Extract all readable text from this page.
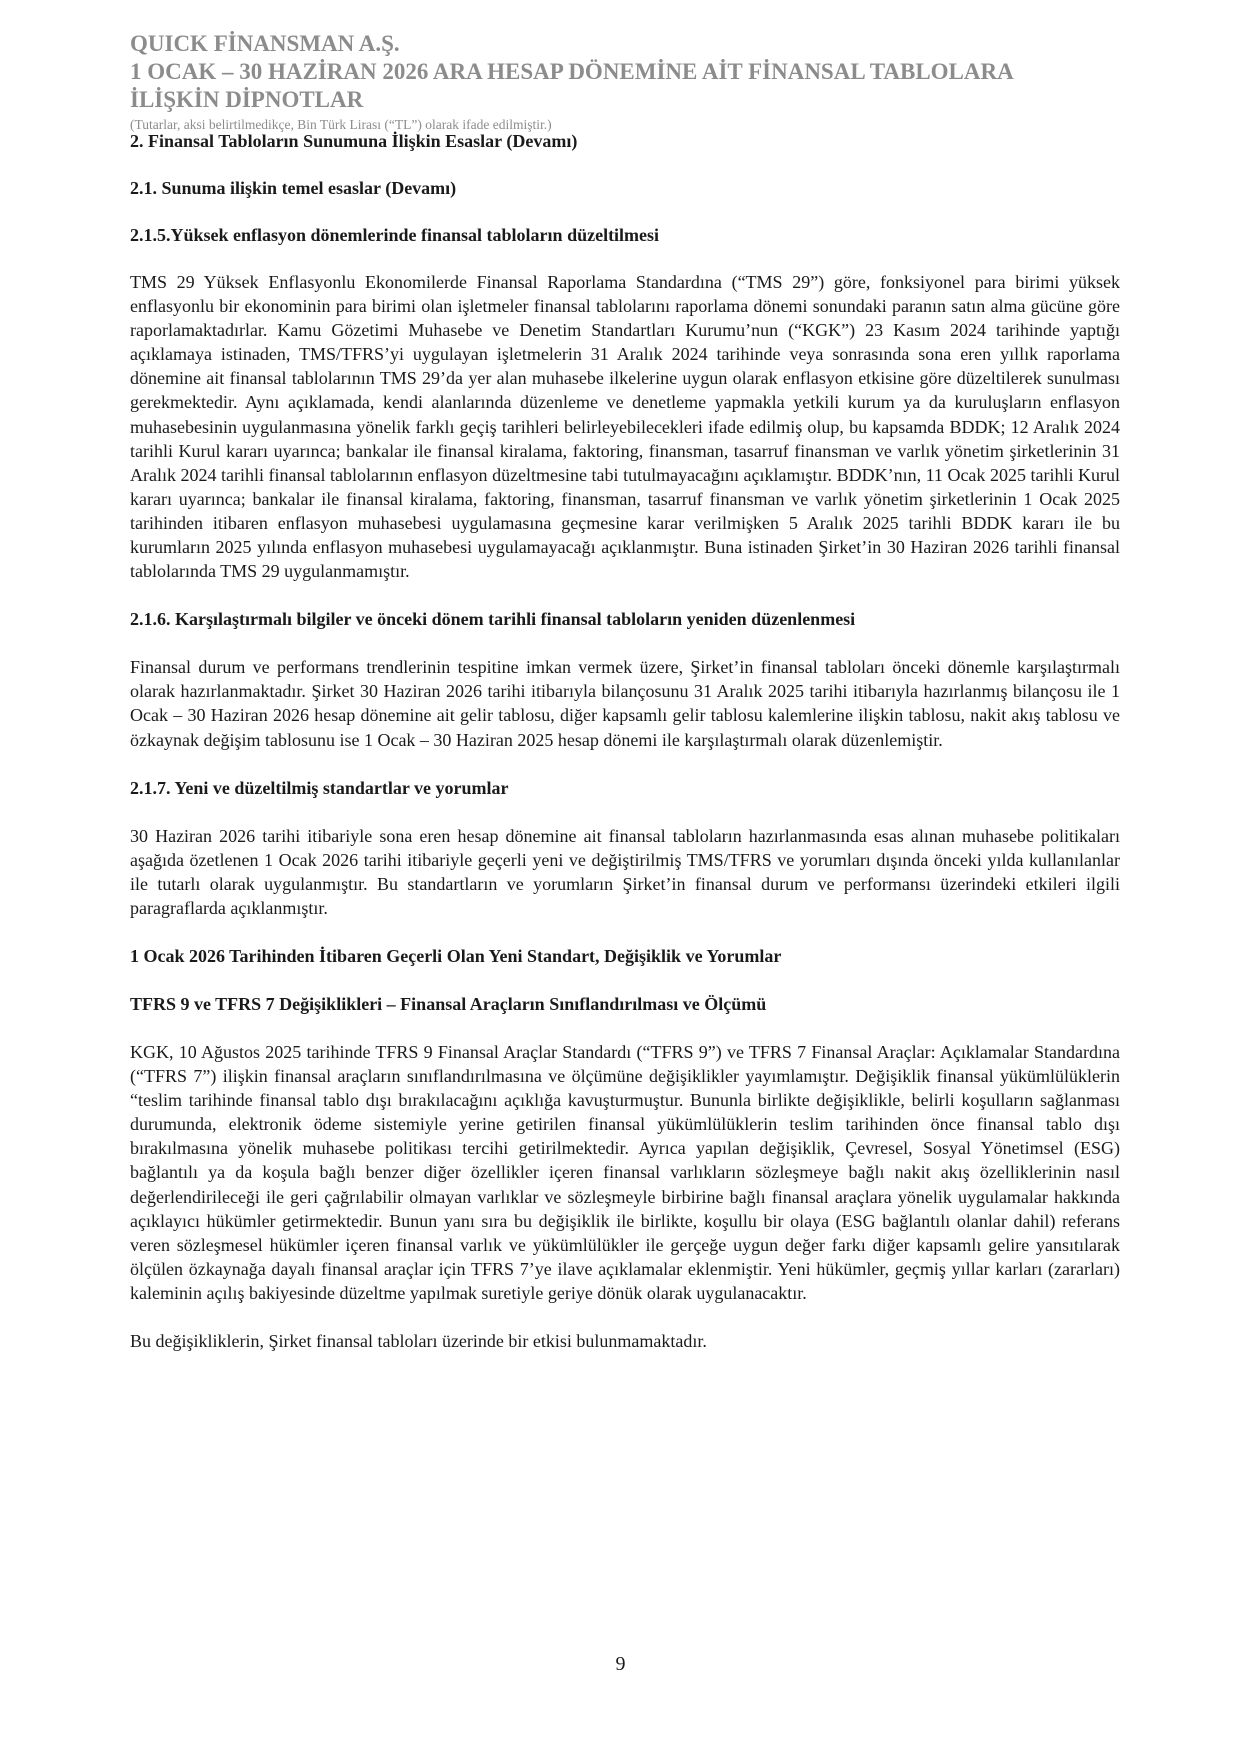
QUICK FİNANSMAN A.Ş.
1 OCAK – 30 HAZİRAN 2026 ARA HESAP DÖNEMİNE AİT FİNANSAL TABLOLARA
İLİŞKİN DİPNOTLAR
(Tutarlar, aksi belirtilmedikçe, Bin Türk Lirası (“TL”) olarak ifade edilmiştir.)

2. Finansal Tabloların Sunumuna İlişkin Esaslar (Devamı)

2.1. Sunuma ilişkin temel esaslar (Devamı)

2.1.5.Yüksek enflasyon dönemlerinde finansal tabloların düzeltilmesi

TMS 29 Yüksek Enflasyonlu Ekonomilerde Finansal Raporlama Standardına (“TMS 29”) göre, fonksiyonel para birimi yüksek enflasyonlu bir ekonominin para birimi olan işletmeler finansal tablolarını raporlama dönemi sonundaki paranın satın alma gücüne göre raporlamaktadırlar. Kamu Gözetimi Muhasebe ve Denetim Standartları Kurumu’nun (“KGK”) 23 Kasım 2024 tarihinde yaptığı açıklamaya istinaden, TMS/TFRS’yi uygulayan işletmelerin 31 Aralık 2024 tarihinde veya sonrasında sona eren yıllık raporlama dönemine ait finansal tablolarının TMS 29’da yer alan muhasebe ilkelerine uygun olarak enflasyon etkisine göre düzeltilerek sunulması gerekmektedir. Aynı açıklamada, kendi alanlarında düzenleme ve denetleme yapmakla yetkili kurum ya da kuruluşların enflasyon muhasebesinin uygulanmasına yönelik farklı geçiş tarihleri belirleyebilecekleri ifade edilmiş olup, bu kapsamda BDDK; 12 Aralık 2024 tarihli Kurul kararı uyarınca; bankalar ile finansal kiralama, faktoring, finansman, tasarruf finansman ve varlık yönetim şirketlerinin 31 Aralık 2024 tarihli finansal tablolarının enflasyon düzeltmesine tabi tutulmayacağını açıklamıştır. BDDK’nın, 11 Ocak 2025 tarihli Kurul kararı uyarınca; bankalar ile finansal kiralama, faktoring, finansman, tasarruf finansman ve varlık yönetim şirketlerinin 1 Ocak 2025 tarihinden itibaren enflasyon muhasebesi uygulamasına geçmesine karar verilmişken 5 Aralık 2025 tarihli BDDK kararı ile bu kurumların 2025 yılında enflasyon muhasebesi uygulamayacağı açıklanmıştır. Buna istinaden Şirket’in 30 Haziran 2026 tarihli finansal tablolarında TMS 29 uygulanmamıştır.

2.1.6. Karşılaştırmalı bilgiler ve önceki dönem tarihli finansal tabloların yeniden düzenlenmesi

Finansal durum ve performans trendlerinin tespitine imkan vermek üzere, Şirket’in finansal tabloları önceki dönemle karşılaştırmalı olarak hazırlanmaktadır. Şirket 30 Haziran 2026 tarihi itibarıyla bilançosunu 31 Aralık 2025 tarihi itibarıyla hazırlanmış bilançosu ile 1 Ocak – 30 Haziran 2026 hesap dönemine ait gelir tablosu, diğer kapsamlı gelir tablosu kalemlerine ilişkin tablosu, nakit akış tablosu ve özkaynak değişim tablosunu ise 1 Ocak – 30 Haziran 2025 hesap dönemi ile karşılaştırmalı olarak düzenlemiştir.

2.1.7. Yeni ve düzeltilmiş standartlar ve yorumlar

30 Haziran 2026 tarihi itibariyle sona eren hesap dönemine ait finansal tabloların hazırlanmasında esas alınan muhasebe politikaları aşağıda özetlenen 1 Ocak 2026 tarihi itibariyle geçerli yeni ve değiştirilmiş TMS/TFRS ve yorumları dışında önceki yılda kullanılanlar ile tutarlı olarak uygulanmıştır. Bu standartların ve yorumların Şirket’in finansal durum ve performansı üzerindeki etkileri ilgili paragraflarda açıklanmıştır.

1 Ocak 2026 Tarihinden İtibaren Geçerli Olan Yeni Standart, Değişiklik ve Yorumlar

TFRS 9 ve TFRS 7 Değişiklikleri – Finansal Araçların Sınıflandırılması ve Ölçümü

KGK, 10 Ağustos 2025 tarihinde TFRS 9 Finansal Araçlar Standardı (“TFRS 9”) ve TFRS 7 Finansal Araçlar: Açıklamalar Standardına (“TFRS 7”) ilişkin finansal araçların sınıflandırılmasına ve ölçümüne değişiklikler yayımlamıştır. Değişiklik finansal yükümlülüklerin “teslim tarihinde finansal tablo dışı bırakılacağını açıklığa kavuşturmuştur. Bununla birlikte değişiklikle, belirli koşulların sağlanması durumunda, elektronik ödeme sistemiyle yerine getirilen finansal yükümlülüklerin teslim tarihinden önce finansal tablo dışı bırakılmasına yönelik muhasebe politikası tercihi getirilmektedir. Ayrıca yapılan değişiklik, Çevresel, Sosyal Yönetimsel (ESG) bağlantılı ya da koşula bağlı benzer diğer özellikler içeren finansal varlıkların sözleşmeye bağlı nakit akış özelliklerinin nasıl değerlendirileceği ile geri çağrılabilir olmayan varlıklar ve sözleşmeyle birbirine bağlı finansal araçlara yönelik uygulamalar hakkında açıklayıcı hükümler getirmektedir. Bunun yanı sıra bu değişiklik ile birlikte, koşullu bir olaya (ESG bağlantılı olanlar dahil) referans veren sözleşmesel hükümler içeren finansal varlık ve yükümlülükler ile gerçeğe uygun değer farkı diğer kapsamlı gelire yansıtılarak ölçülen özkaynağa dayalı finansal araçlar için TFRS 7’ye ilave açıklamalar eklenmiştir. Yeni hükümler, geçmiş yıllar karları (zararları) kaleminin açılış bakiyesinde düzeltme yapılmak suretiyle geriye dönük olarak uygulanacaktır.

Bu değişikliklerin, Şirket finansal tabloları üzerinde bir etkisi bulunmamaktadır.

9
